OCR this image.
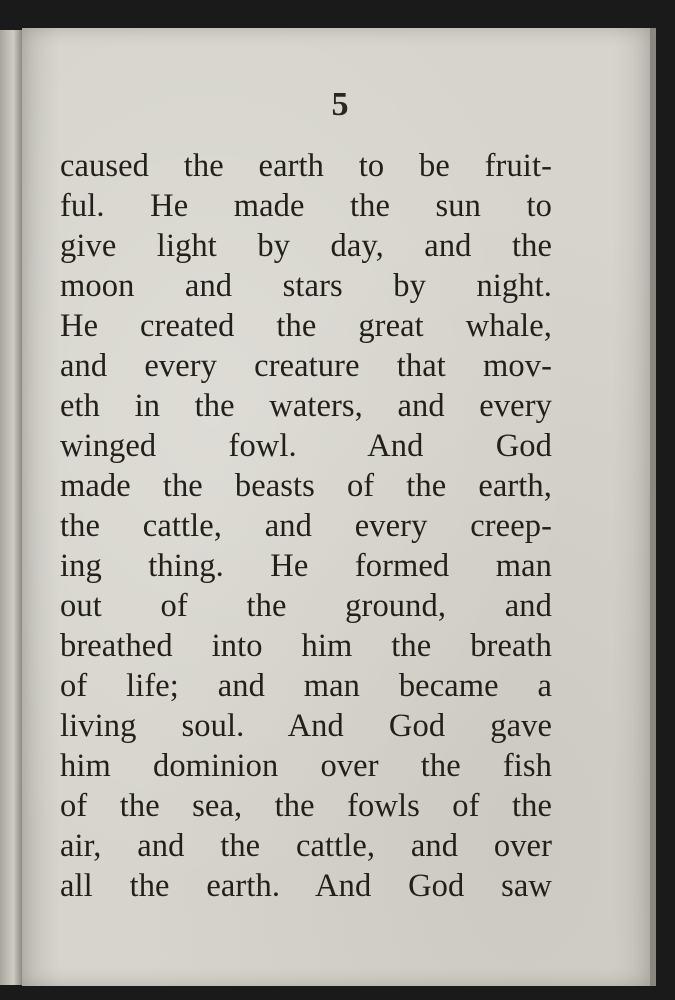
5
caused the earth to be fruit-
ful. He made the sun to
give light by day, and the
moon and stars by night.
He created the great whale,
and every creature that mov-
eth in the waters, and every
winged fowl. And God
made the beasts of the earth,
the cattle, and every creep-
ing thing. He formed man
out of the ground, and
breathed into him the breath
of life; and man became a
living soul. And God gave
him dominion over the fish
of the sea, the fowls of the
air, and the cattle, and over
all the earth. And God saw
